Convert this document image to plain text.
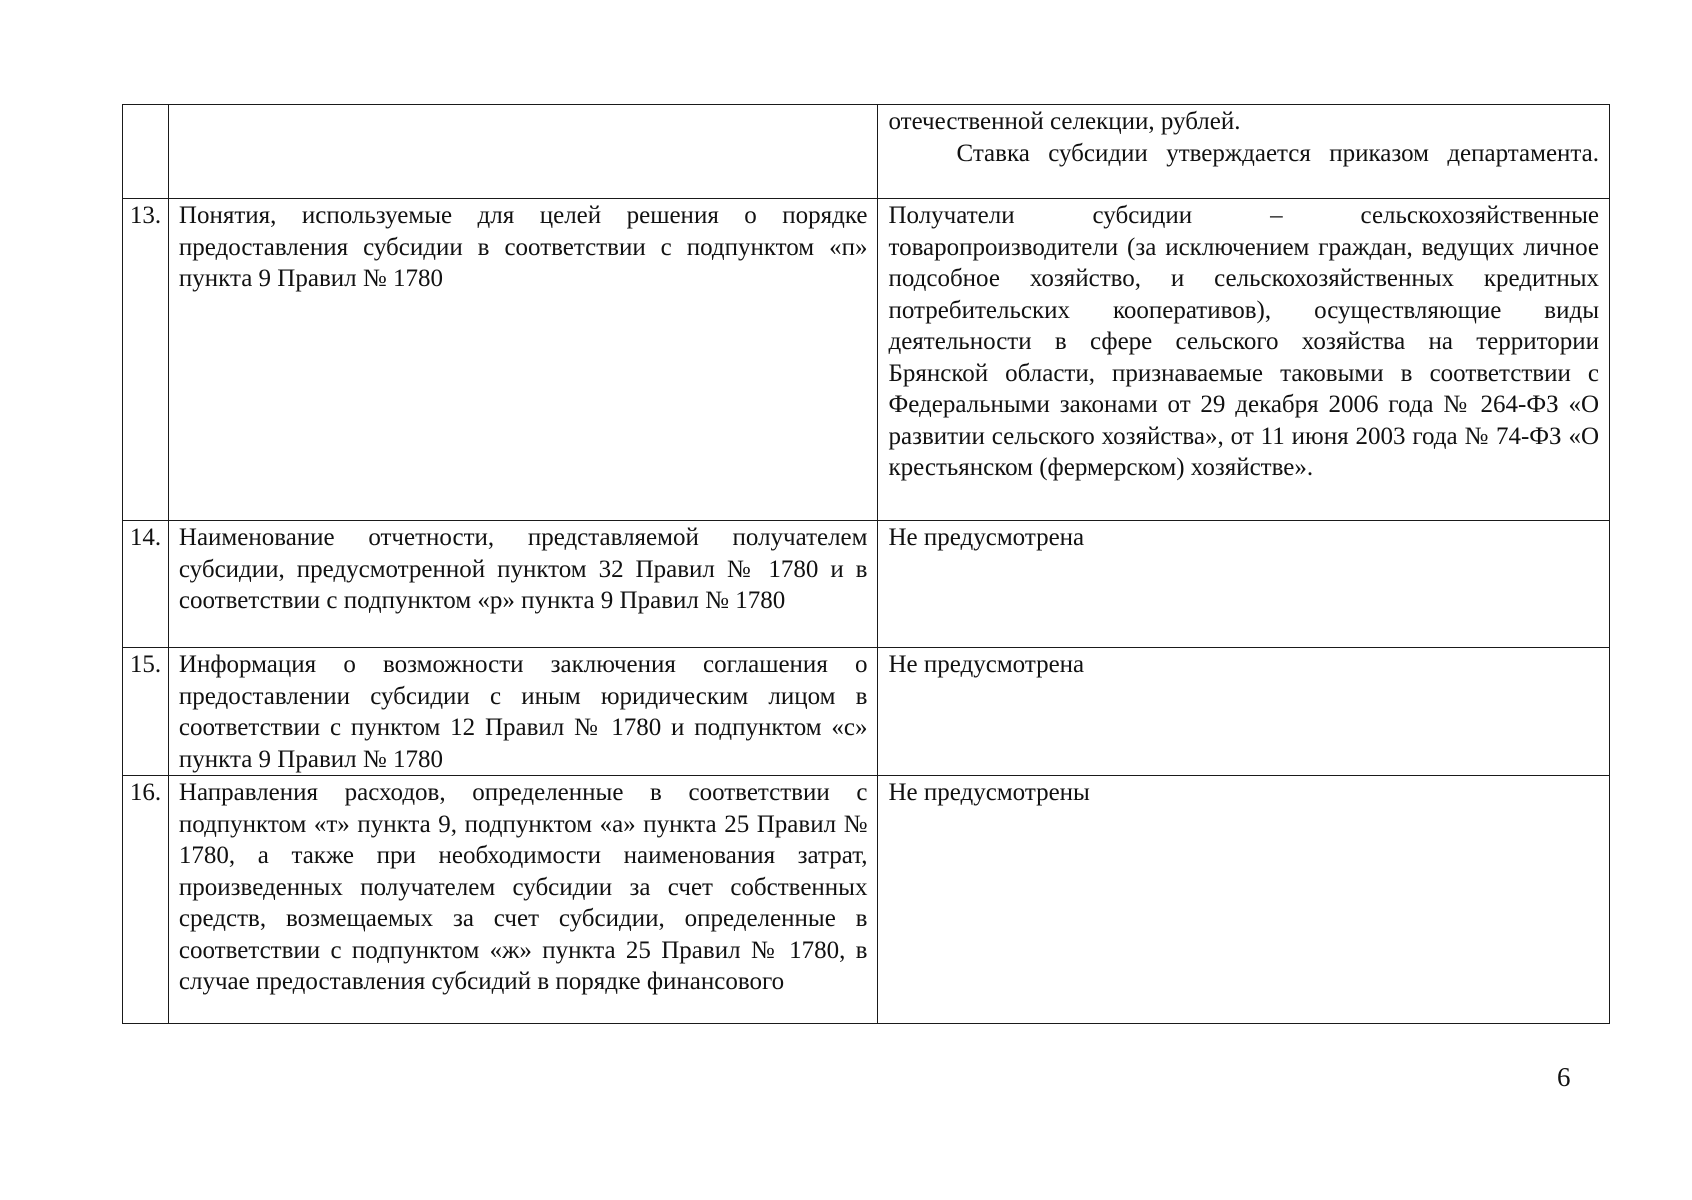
		отечественной селекции, рублей.
Ставка субсидии утверждается приказом департамента.

13.	Понятия, используемые для целей решения о порядке предоставления субсидии в соответствии с подпунктом «п» пункта 9 Правил № 1780	Получатели субсидии – сельскохозяйственные товаропроизводители (за исключением граждан, ведущих личное подсобное хозяйство, и сельскохозяйственных кредитных потребительских кооперативов), осуществляющие виды деятельности в сфере сельского хозяйства на территории Брянской области, признаваемые таковыми в соответствии с Федеральными законами от 29 декабря 2006 года № 264-ФЗ «О развитии сельского хозяйства», от 11 июня 2003 года № 74-ФЗ «О крестьянском (фермерском) хозяйстве».
14.	Наименование отчетности, представляемой получателем субсидии, предусмотренной пунктом 32 Правил № 1780 и в соответствии с подпунктом «р» пункта 9 Правил № 1780	Не предусмотрена
15.	Информация о возможности заключения соглашения о предоставлении субсидии с иным юридическим лицом в соответствии с пунктом 12 Правил № 1780 и подпунктом «с» пункта 9 Правил № 1780	Не предусмотрена
16.	Направления расходов, определенные в соответствии с подпунктом «т» пункта 9, подпунктом «а» пункта 25 Правил № 1780, а также при необходимости наименования затрат, произведенных получателем субсидии за счет собственных средств, возмещаемых за счет субсидии, определенные в соответствии с подпунктом «ж» пункта 25 Правил № 1780, в случае предоставления субсидий в порядке финансового	Не предусмотрены
6
